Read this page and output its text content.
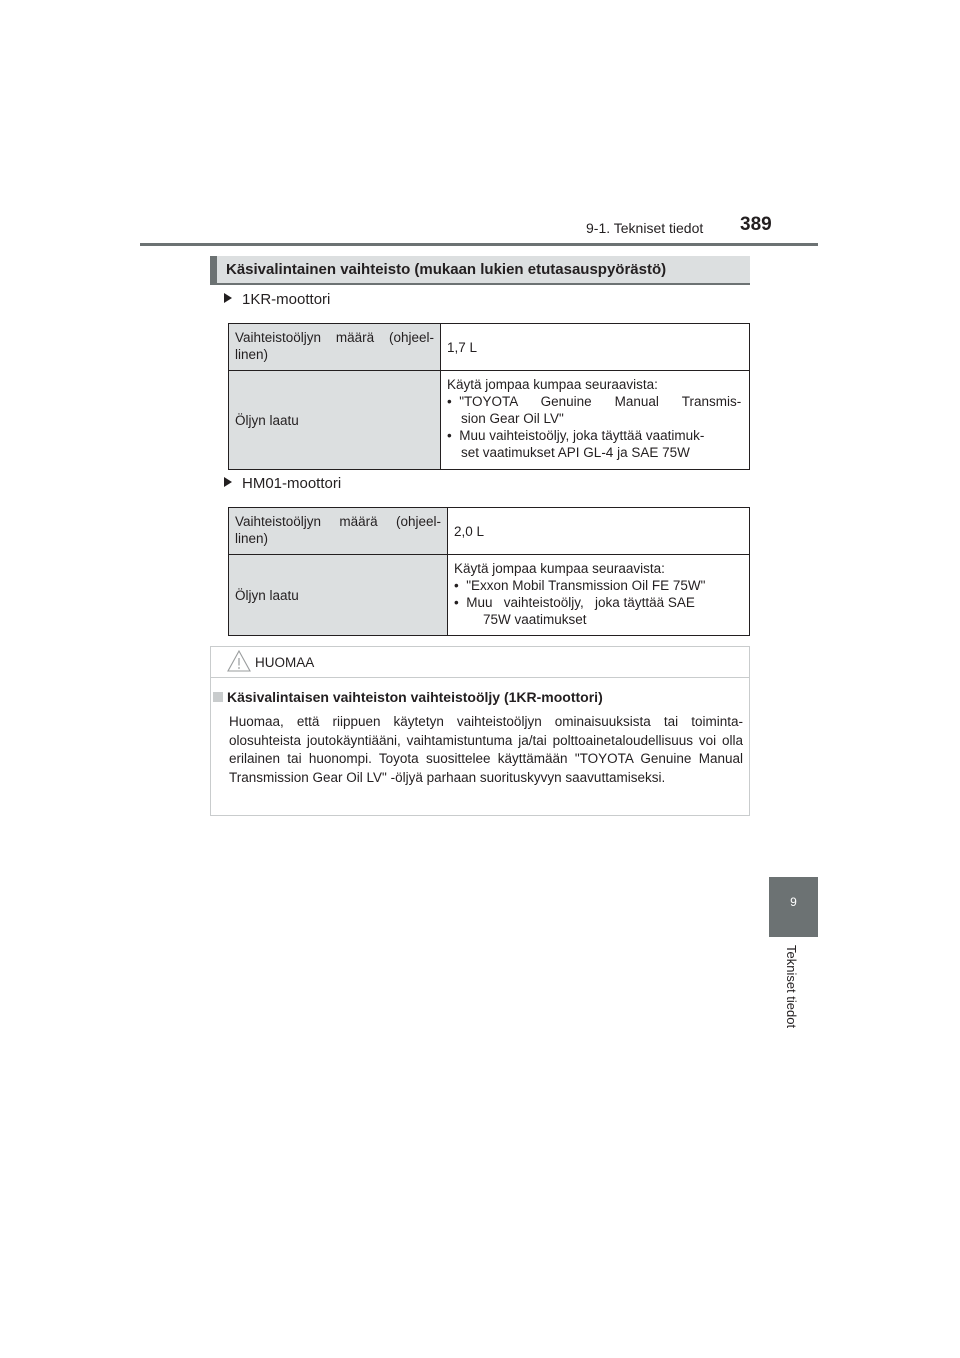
9-1. Tekniset tiedot 389
Käsivalintainen vaihteisto (mukaan lukien etutasauspyörästö)
1KR-moottori
Vaihteistoöljyn määrä (ohjeel-
linen)	1,7 L
Öljyn laatu	Käytä jompaa kumpaa seuraavista:
•  "TOYOTA Genuine Manual Transmis-
sion Gear Oil LV"
•  Muu vaihteistoöljy, joka täyttää vaatimuk-
set vaatimukset API GL-4 ja SAE 75W
HM01-moottori
Vaihteistoöljyn määrä (ohjeel-
linen)	2,0 L
Öljyn laatu	Käytä jompaa kumpaa seuraavista:
•  "Exxon Mobil Transmission Oil FE 75W"
•  Muu   vaihteistoöljy,   joka täyttää SAE
75W vaatimukset
HUOMAA
Käsivalintaisen vaihteiston vaihteistoöljy (1KR-moottori)
Huomaa, että riippuen käytetyn vaihteistoöljyn ominaisuuksista tai toiminta-olosuhteista joutokäyntiääni, vaihtamistuntuma ja/tai polttoainetaloudellisuus voi olla erilainen tai huonompi. Toyota suosittelee käyttämään "TOYOTA Genuine Manual Transmission Gear Oil LV" -öljyä parhaan suorituskyvyn saavuttamiseksi.
9
Tekniset tiedot
